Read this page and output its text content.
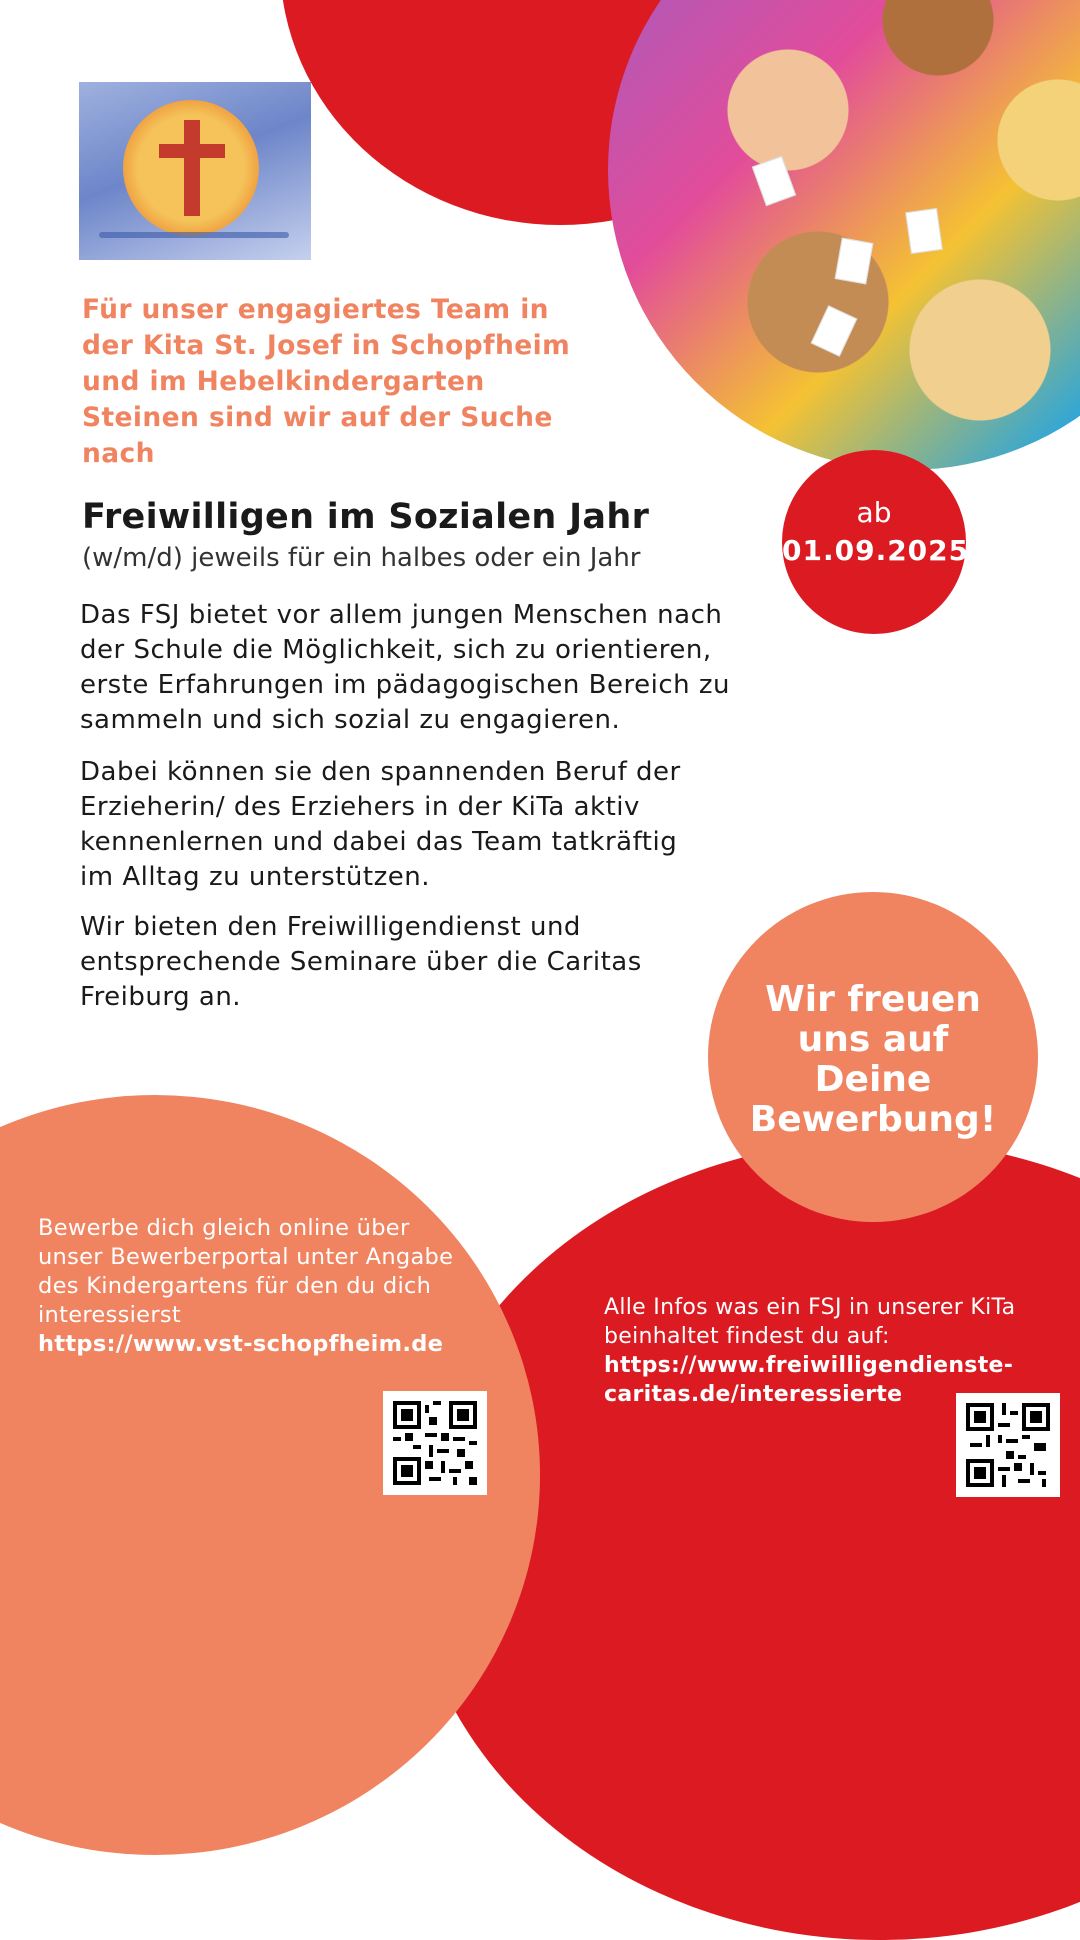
Für unser engagiertes Team in
der Kita St. Josef in Schopfheim
und im Hebelkindergarten
Steinen sind wir auf der Suche
nach
Freiwilligen im Sozialen Jahr
(w/m/d) jeweils für ein halbes oder ein Jahr
ab
01.09.2025
Das FSJ bietet vor allem jungen Menschen nach
der Schule die Möglichkeit, sich zu orientieren,
erste Erfahrungen im pädagogischen Bereich zu
sammeln und sich sozial zu engagieren.
Dabei können sie den spannenden Beruf der
Erzieherin/ des Erziehers in der KiTa aktiv
kennenlernen und dabei das Team tatkräftig
im Alltag zu unterstützen.
Wir bieten den Freiwilligendienst und
entsprechende Seminare über die Caritas
Freiburg an.	Wir freuen
uns auf
Deine
Bewerbung!
Bewerbe dich gleich online über
unser Bewerberportal unter Angabe
des Kindergartens für den du dich
interessierst
https://www.vst-schopfheim.de
Alle Infos was ein FSJ in unserer KiTa
beinhaltet findest du auf:
https://www.freiwilligendienste-
caritas.de/interessierte
